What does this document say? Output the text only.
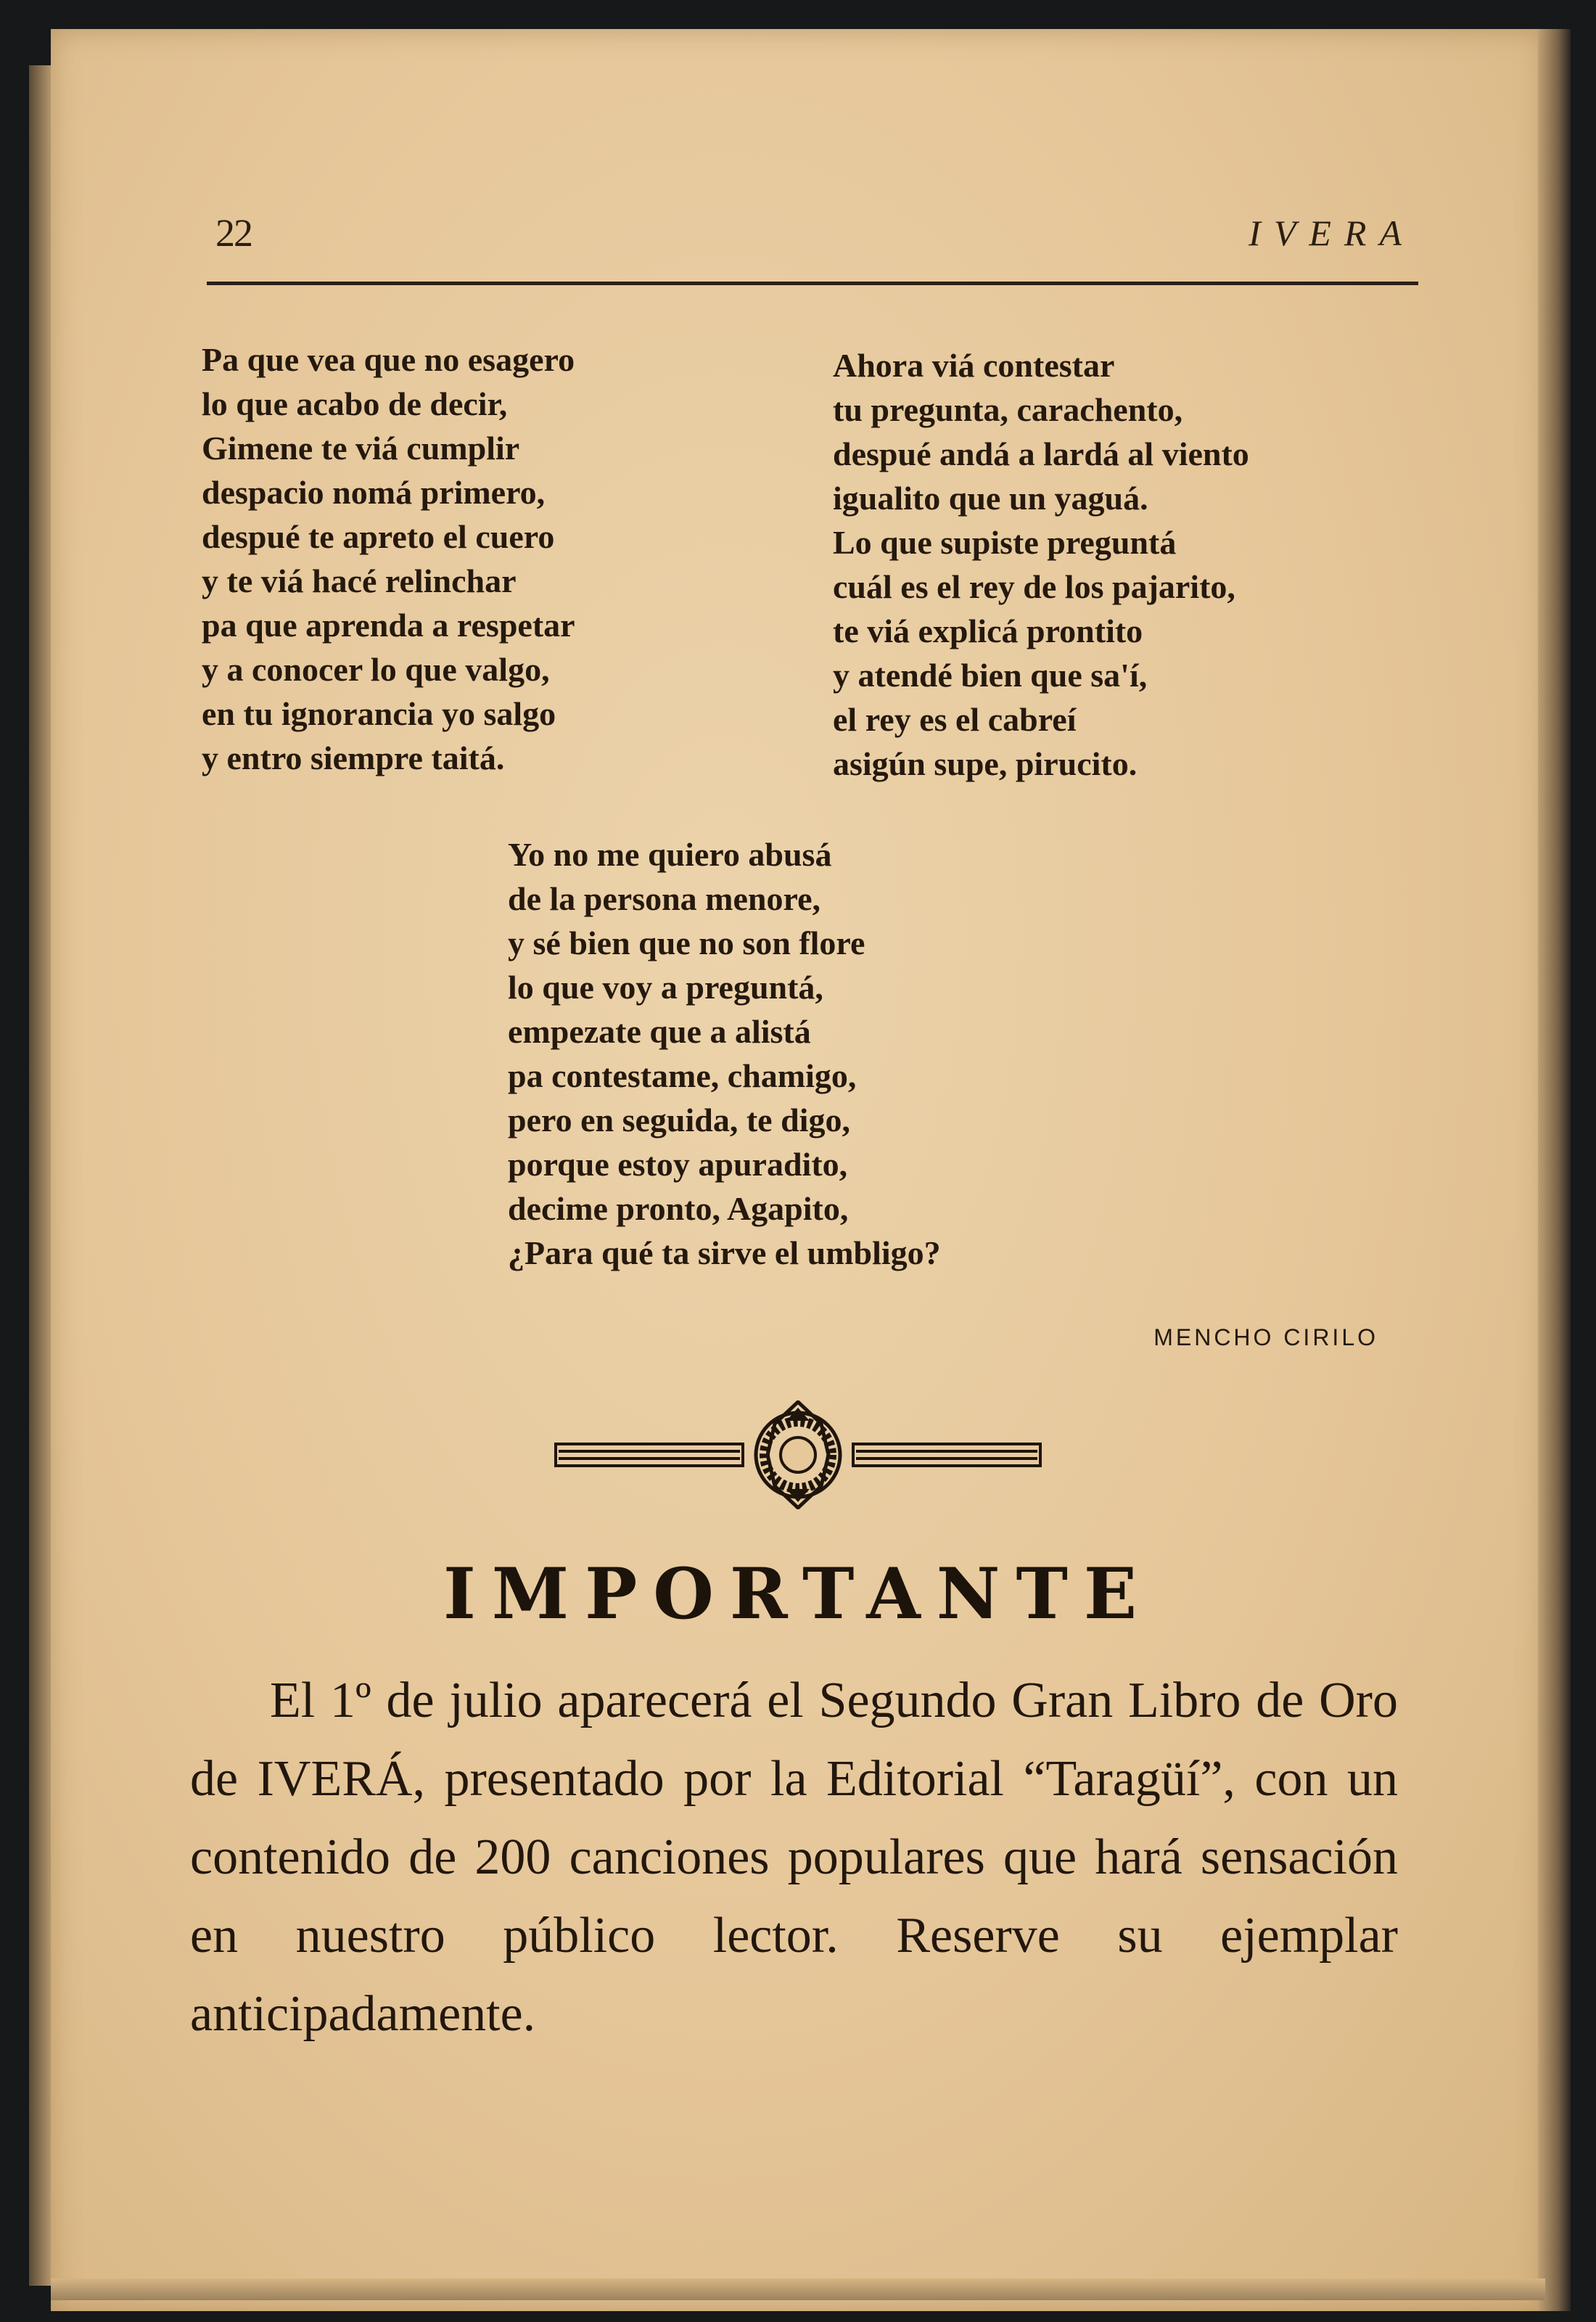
22	IVERA
Pa que vea que no esagero
lo que acabo de decir,
Gimene te viá cumplir
despacio nomá primero,
despué te apreto el cuero
y te viá hacé relinchar
pa que aprenda a respetar
y a conocer lo que valgo,
en tu ignorancia yo salgo
y entro siempre taitá.
Ahora viá contestar
tu pregunta, carachento,
despué andá a lardá al viento
igualito que un yaguá.
Lo que supiste preguntá
cuál es el rey de los pajarito,
te viá explicá prontito
y atendé bien que sa'í,
el rey es el cabreí
asigún supe, pirucito.
Yo no me quiero abusá
de la persona menore,
y sé bien que no son flore
lo que voy a preguntá,
empezate que a alistá
pa contestame, chamigo,
pero en seguida, te digo,
porque estoy apuradito,
decime pronto, Agapito,
¿Para qué ta sirve el umbligo?
MENCHO CIRILO
IMPORTANTE

El 1º de julio aparecerá el Segundo Gran Libro de Oro de IVERÁ, presentado por la Editorial “Taragüí”, con un contenido de 200 canciones populares que hará sensación en nuestro público lector. Reserve su ejemplar anticipadamente.
